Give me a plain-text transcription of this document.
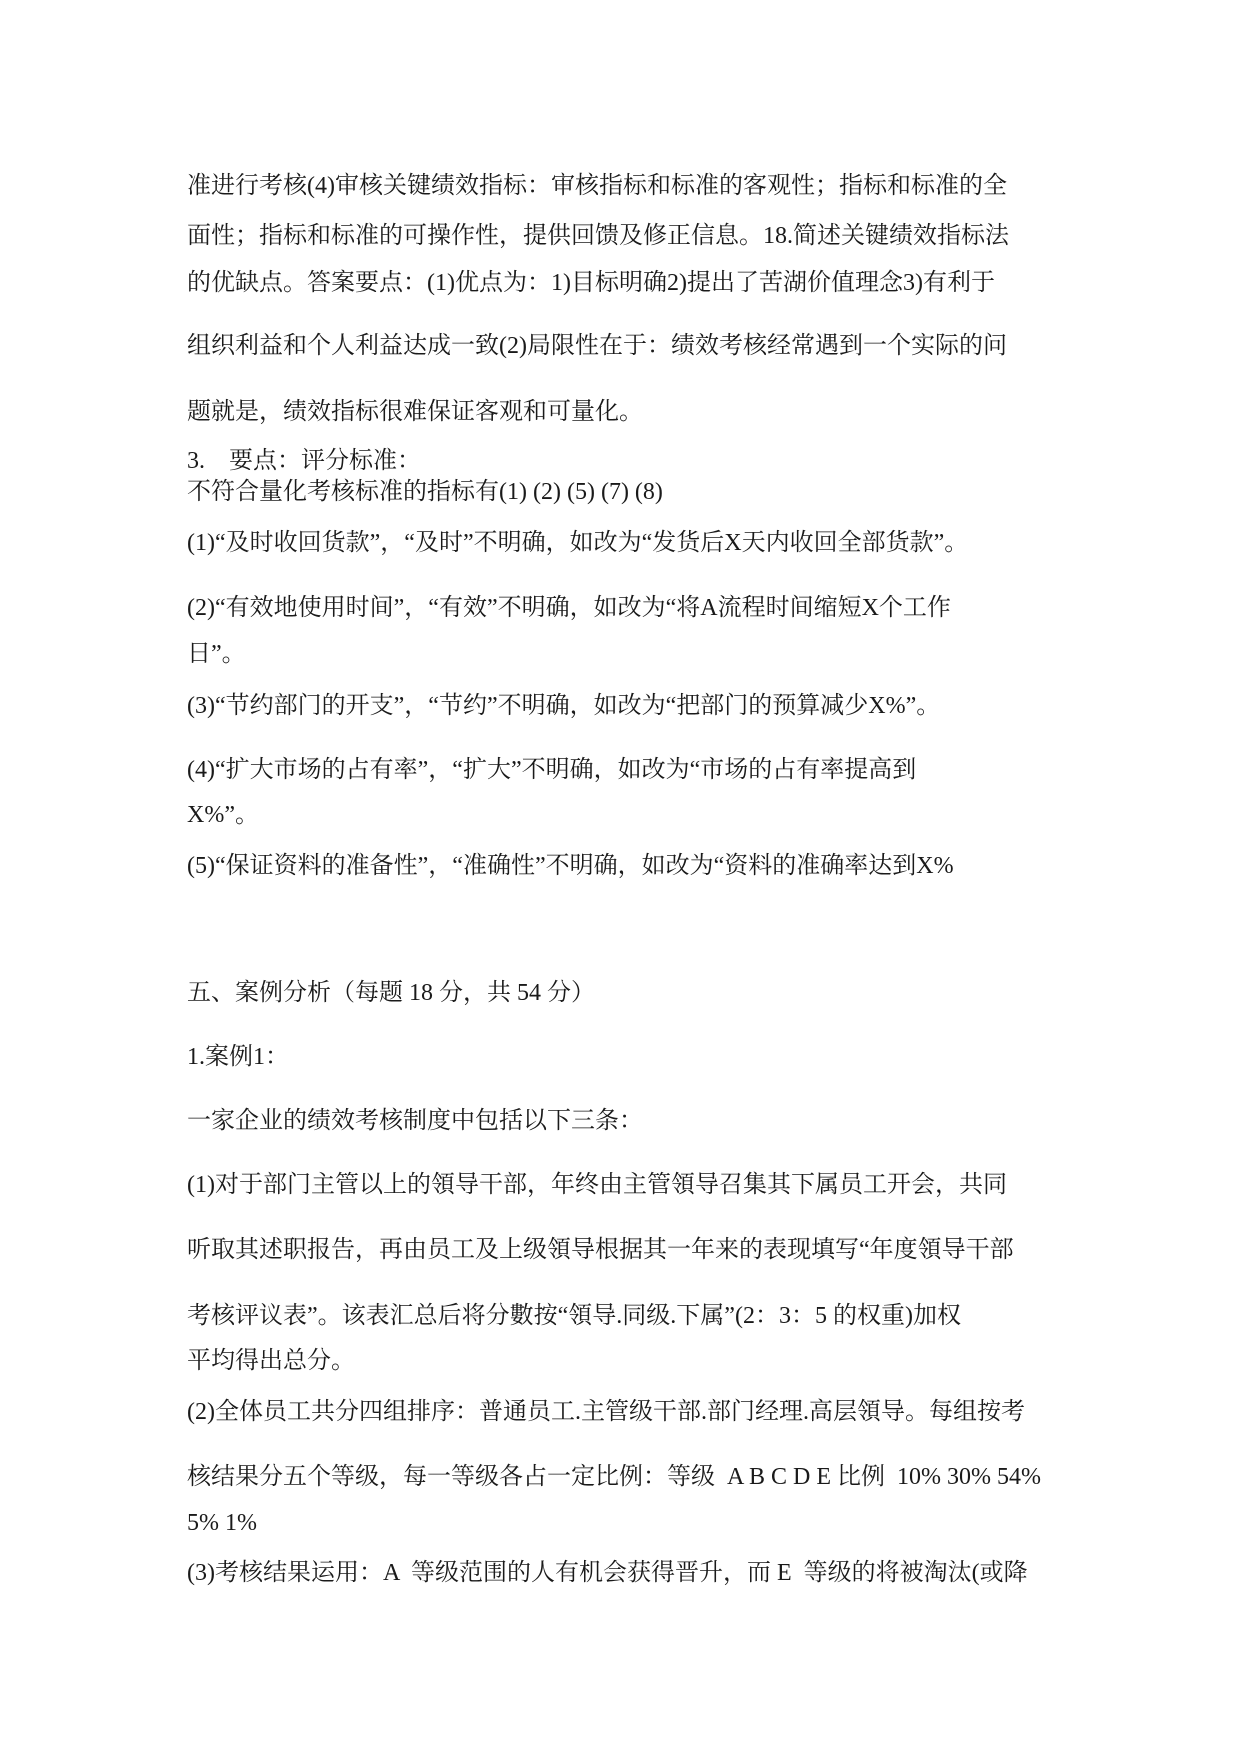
准进行考核(4)审核关键绩效指标：审核指标和标准的客观性；指标和标准的全
面性；指标和标准的可操作性，提供回馈及修正信息。18.简述关键绩效指标法
的优缺点。答案要点：(1)优点为：1)目标明确2)提出了苦湖价值理念3)有利于
组织利益和个人利益达成一致(2)局限性在于：绩效考核经常遇到一个实际的问
题就是，绩效指标很难保证客观和可量化。
3.    要点：评分标准：
不符合量化考核标准的指标有(1) (2) (5) (7) (8)
(1)“及时收回货款”，“及时”不明确，如改为“发货后X天内收回全部货款”。
(2)“有效地使用时间”，“有效”不明确，如改为“将A流程时间缩短X个工作
日”。
(3)“节约部门的开支”，“节约”不明确，如改为“把部门的预算减少X%”。
(4)“扩大市场的占有率”，“扩大”不明确，如改为“市场的占有率提高到
X%”。
(5)“保证资料的准备性”，“准确性”不明确，如改为“资料的准确率达到X%
五、案例分析（每题 18 分，共 54 分）
1.案例1：
一家企业的绩效考核制度中包括以下三条：
(1)对于部门主管以上的領导干部，年终由主管領导召集其下属员工开会，共同
听取其述职报告，再由员工及上级領导根据其一年来的表现填写“年度領导干部
考核评议表”。该表汇总后将分數按“領导.同级.下属”(2：3：5 的权重)加权
平均得出总分。
(2)全体员工共分四组排序：普通员工.主管级干部.部门经理.高层領导。每组按考
核结果分五个等级，每一等级各占一定比例：等级  A B C D E 比例  10% 30% 54%
5% 1%
(3)考核结果运用：A  等级范围的人有机会获得晋升，而 E  等级的将被淘汰(或降
